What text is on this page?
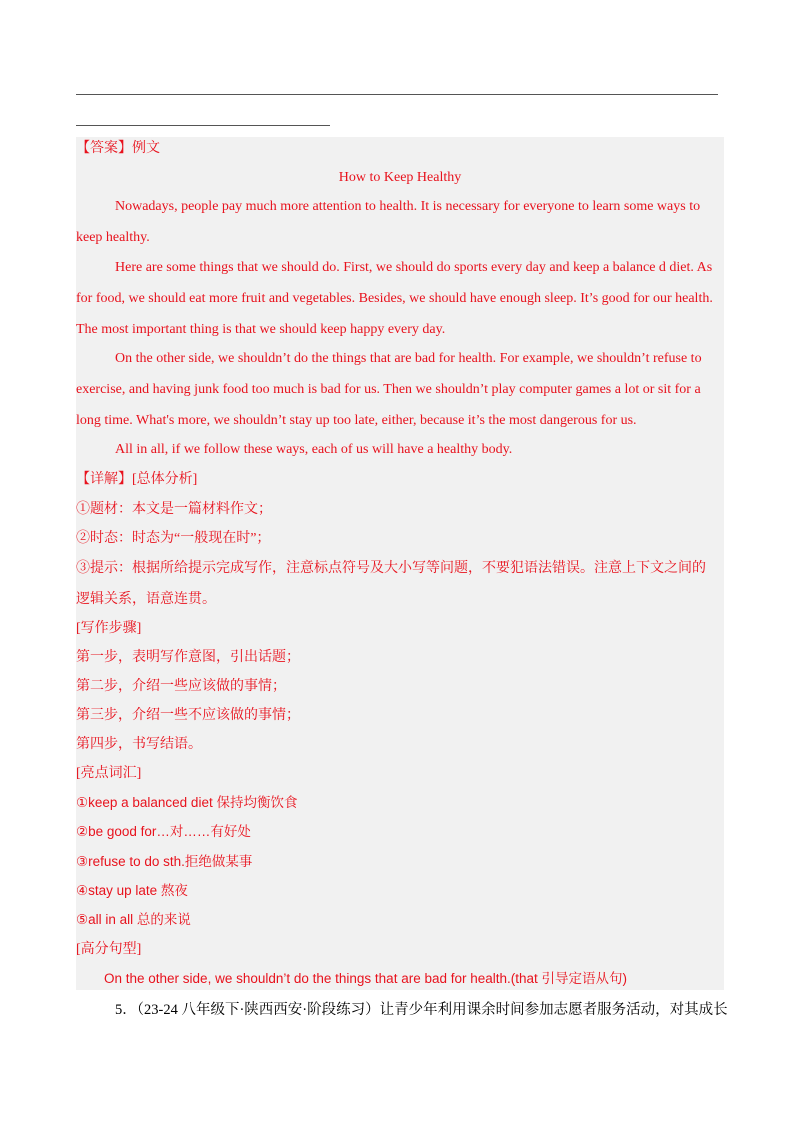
【答案】例文
How to Keep Healthy
Nowadays, people pay much more attention to health. It is necessary for everyone to learn some ways to
keep healthy.
Here are some things that we should do. First, we should do sports every day and keep a balance d diet. As
for food, we should eat more fruit and vegetables. Besides, we should have enough sleep. It’s good for our health.
The most important thing is that we should keep happy every day.
On the other side, we shouldn’t do the things that are bad for health. For example, we shouldn’t refuse to
exercise, and having junk food too much is bad for us. Then we shouldn’t play computer games a lot or sit for a
long time. What's more, we shouldn’t stay up too late, either, because it’s the most dangerous for us.
All in all, if we follow these ways, each of us will have a healthy body.
【详解】[总体分析]
①题材：本文是一篇材料作文；
②时态：时态为“一般现在时”；
③提示：根据所给提示完成写作，注意标点符号及大小写等问题，不要犯语法错误。注意上下文之间的
逻辑关系，语意连贯。
[写作步骤]
第一步，表明写作意图，引出话题；
第二步，介绍一些应该做的事情；
第三步，介绍一些不应该做的事情；
第四步，书写结语。
[亮点词汇]
①keep a balanced diet 保持均衡饮食
②be good for…对……有好处
③refuse to do sth.拒绝做某事
④stay up late 熬夜
⑤all in all 总的来说
[高分句型]
On the other side, we shouldn’t do the things that are bad for health.(that 引导定语从句)
5．（23-24 八年级下·陕西西安·阶段练习）让青少年利用课余时间参加志愿者服务活动，对其成长
